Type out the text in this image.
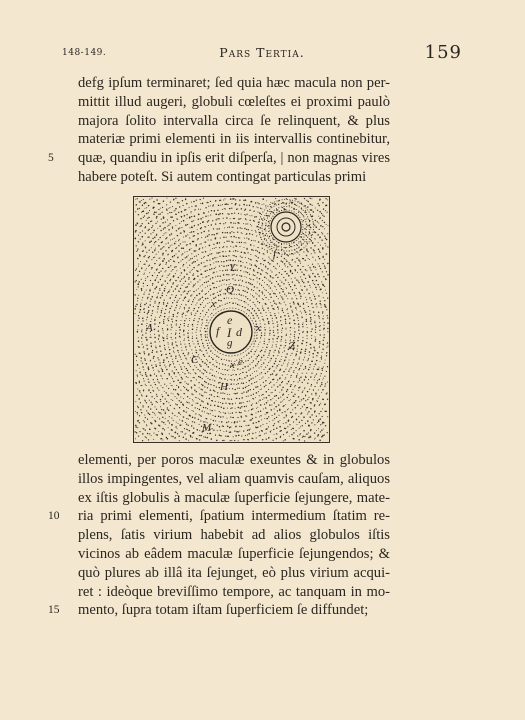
148-149.	Pars Tertia.	159
defg ipſum terminaret; ſed quia hæc macula non per-
mittit illud augeri, globuli cœleſtes ei proximi paulò
majora ſolito intervalla circa ſe relinquent, & plus
materiæ primi elementi in iis intervallis continebitur,
5	quæ, quandiu in ipſis erit diſperſa, | non magnas vires
habere poteſt. Si autem contingat particulas primi
Y
f
Q
x
A	x
Z
e
x
C
H
M
e
f I d
g
elementi, per poros maculæ exeuntes & in globulos
illos impingentes, vel aliam quamvis cauſam, aliquos
ex iſtis globulis à maculæ ſuperficie ſejungere, mate-
10	ria primi elementi, ſpatium intermedium ſtatim re-
plens, ſatis virium habebit ad alios globulos iſtis
vicinos ab eâdem maculæ ſuperficie ſejungendos; &
quò plures ab illâ ita ſejunget, eò plus virium acqui-
ret : ideòque breviſſimo tempore, ac tanquam in mo-
15	mento, ſupra totam iſtam ſuperficiem ſe diffundet;
